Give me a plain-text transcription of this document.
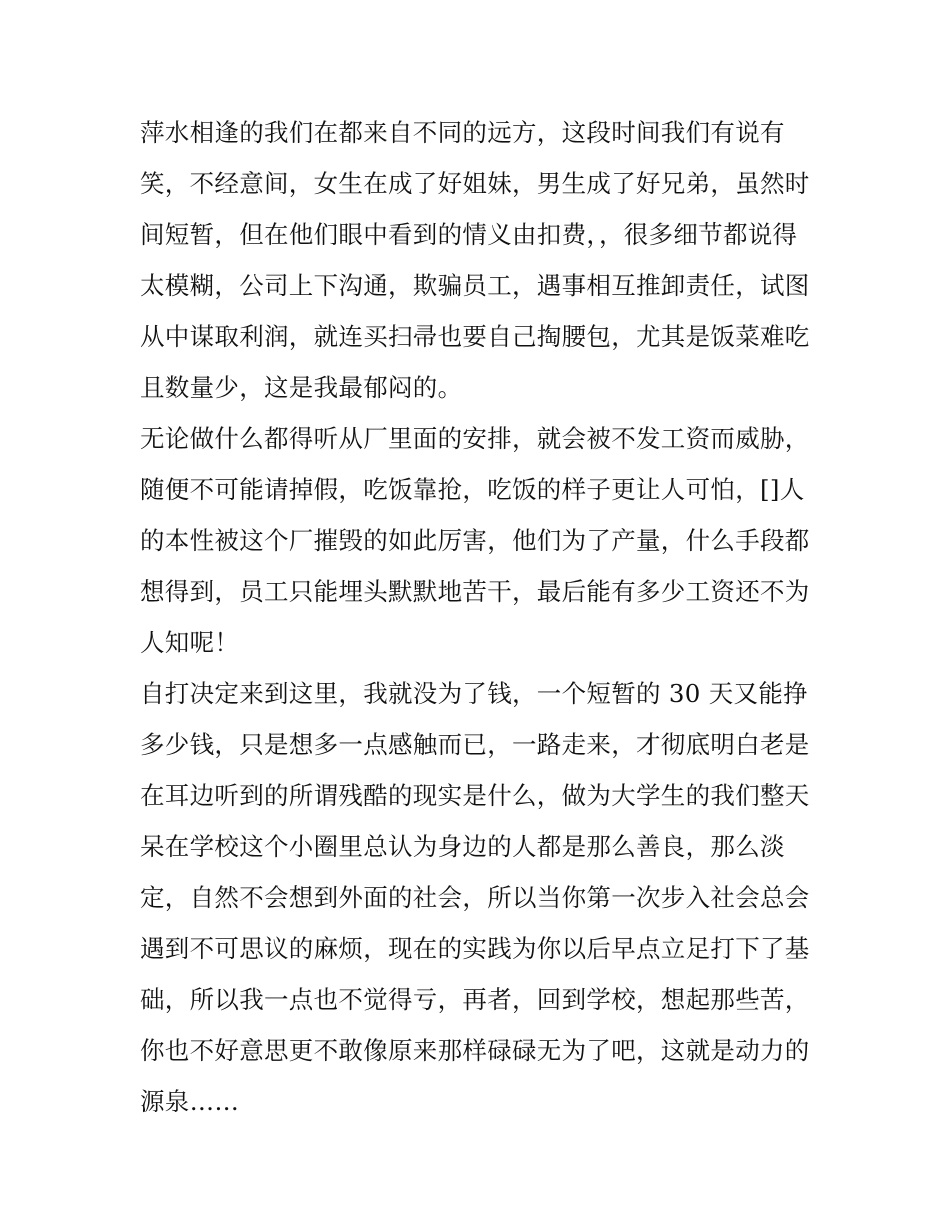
萍水相逢的我们在都来自不同的远方，这段时间我们有说有
笑，不经意间，女生在成了好姐妹，男生成了好兄弟，虽然时
间短暂，但在他们眼中看到的情义由扣费，，很多细节都说得
太模糊，公司上下沟通，欺骗员工，遇事相互推卸责任，试图
从中谋取利润，就连买扫帚也要自己掏腰包，尤其是饭菜难吃
且数量少，这是我最郁闷的。
无论做什么都得听从厂里面的安排，就会被不发工资而威胁，
随便不可能请掉假，吃饭靠抢，吃饭的样子更让人可怕，[]人
的本性被这个厂摧毁的如此厉害，他们为了产量，什么手段都
想得到，员工只能埋头默默地苦干，最后能有多少工资还不为
人知呢！
自打决定来到这里，我就没为了钱，一个短暂的 30 天又能挣
多少钱，只是想多一点感触而已，一路走来，才彻底明白老是
在耳边听到的所谓残酷的现实是什么，做为大学生的我们整天
呆在学校这个小圈里总认为身边的人都是那么善良，那么淡
定，自然不会想到外面的社会，所以当你第一次步入社会总会
遇到不可思议的麻烦，现在的实践为你以后早点立足打下了基
础，所以我一点也不觉得亏，再者，回到学校，想起那些苦，
你也不好意思更不敢像原来那样碌碌无为了吧，这就是动力的
源泉……
